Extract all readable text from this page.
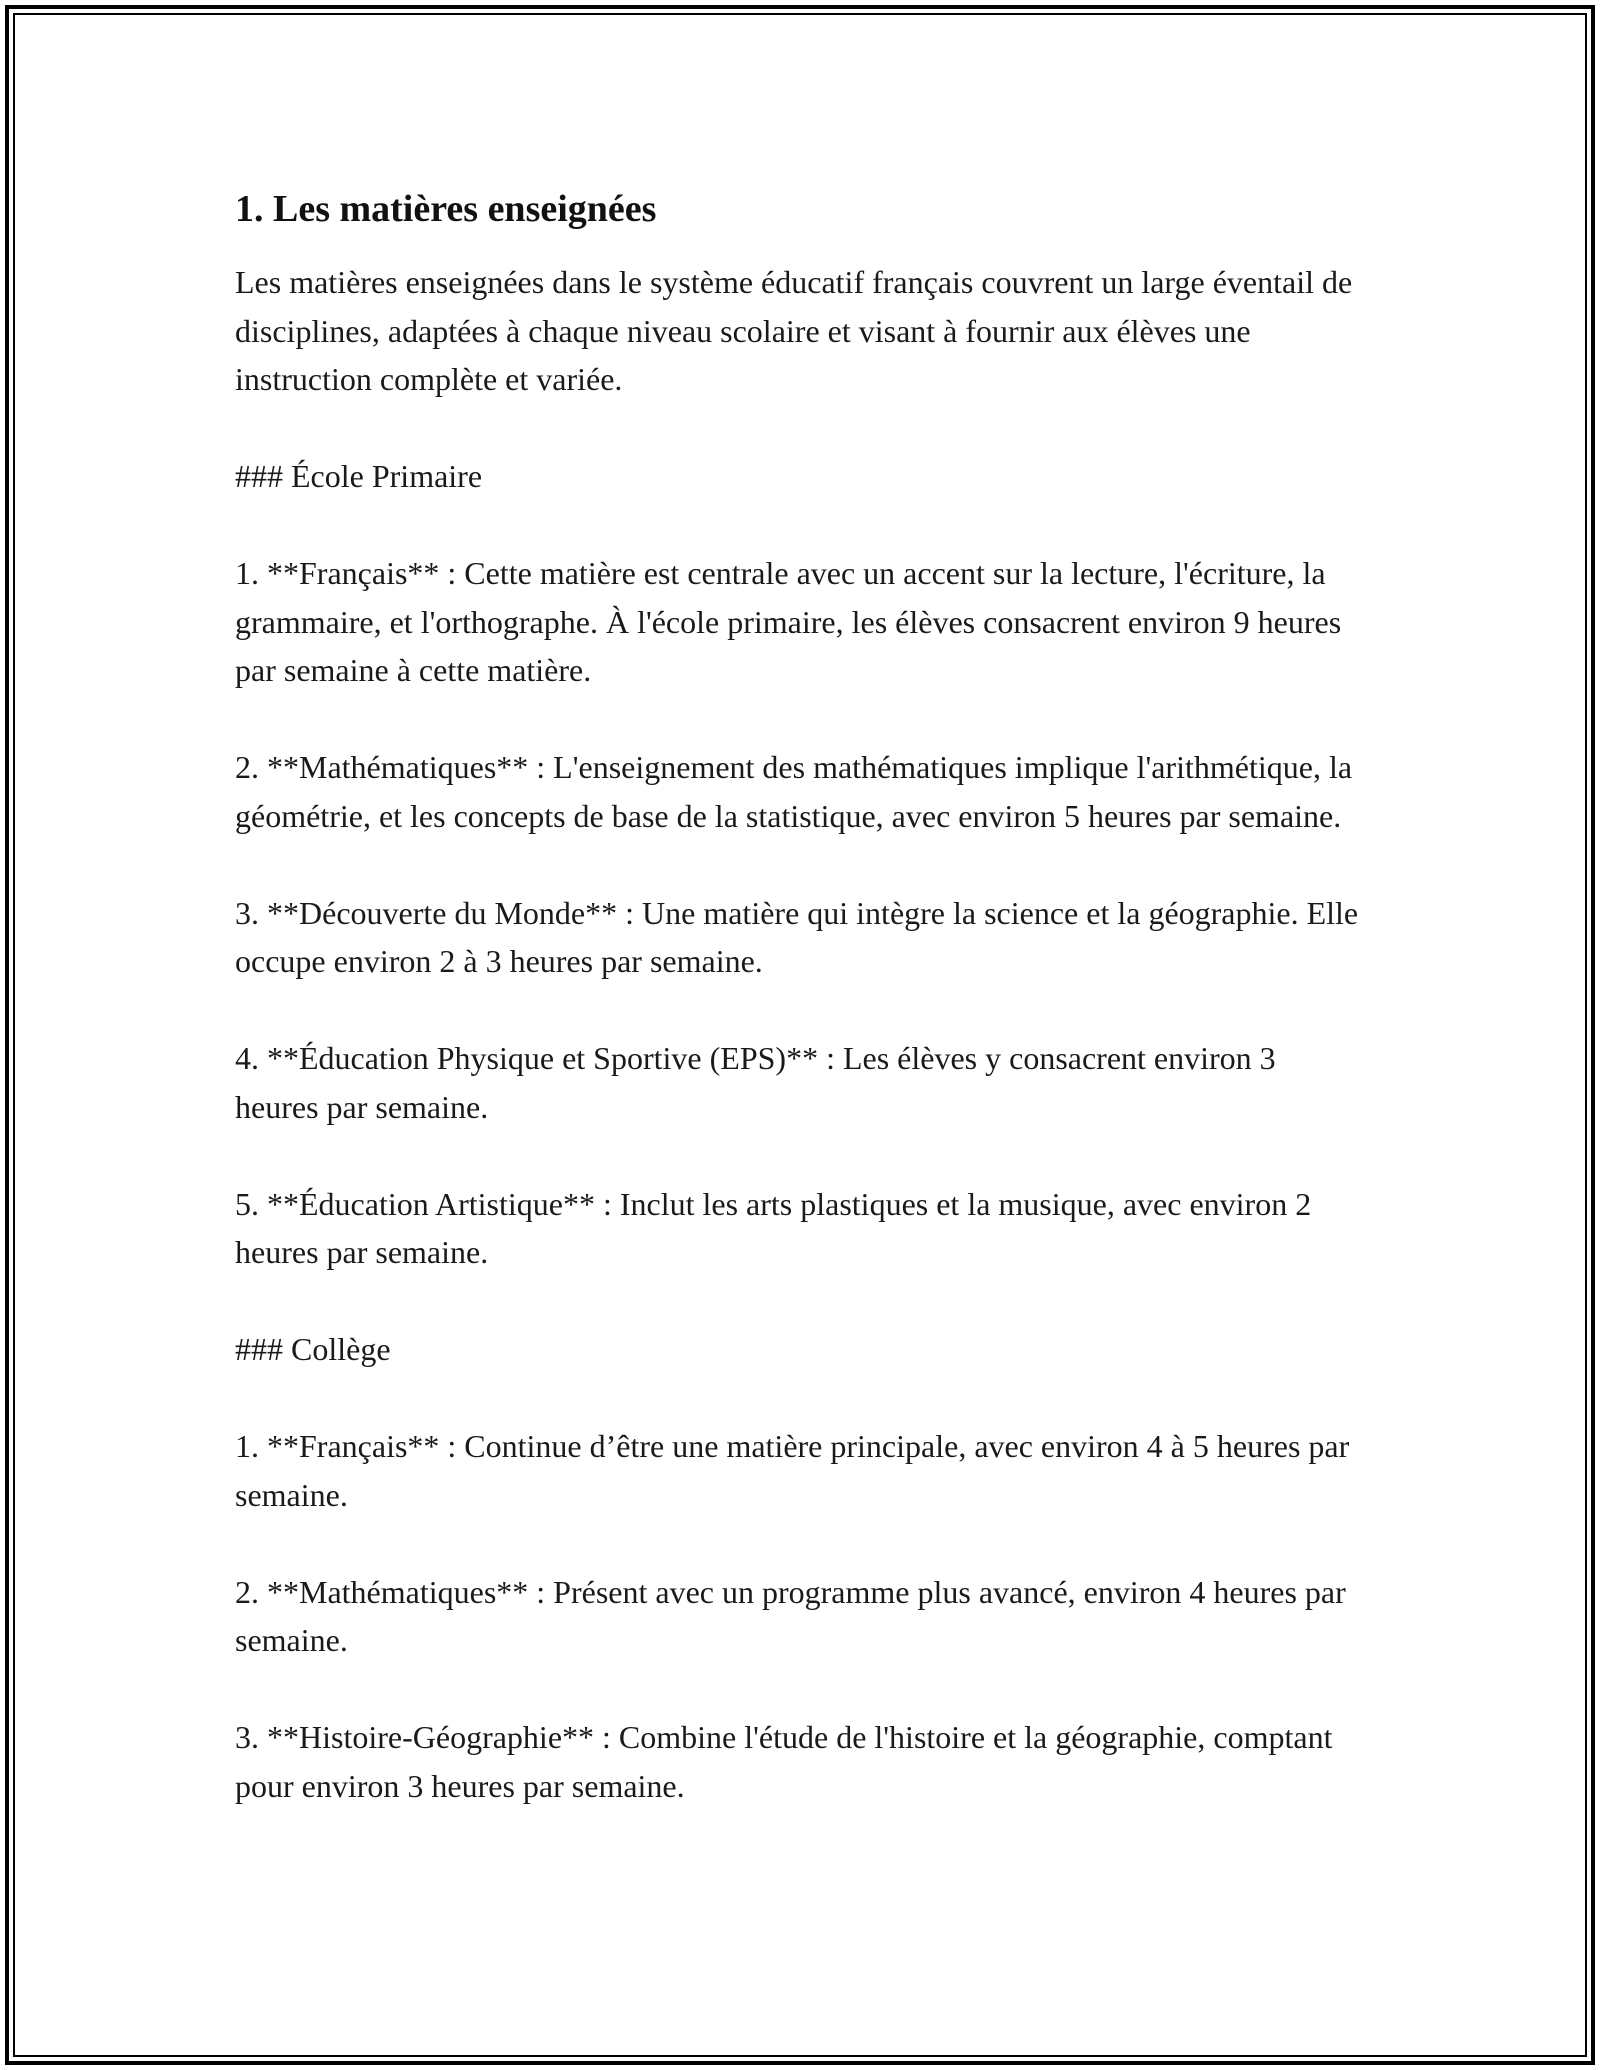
1. Les matières enseignées

Les matières enseignées dans le système éducatif français couvrent un large éventail de disciplines, adaptées à chaque niveau scolaire et visant à fournir aux élèves une instruction complète et variée.

### École Primaire

1. **Français** : Cette matière est centrale avec un accent sur la lecture, l'écriture, la grammaire, et l'orthographe. À l'école primaire, les élèves consacrent environ 9 heures par semaine à cette matière.

2. **Mathématiques** : L'enseignement des mathématiques implique l'arithmétique, la géométrie, et les concepts de base de la statistique, avec environ 5 heures par semaine.

3. **Découverte du Monde** : Une matière qui intègre la science et la géographie. Elle occupe environ 2 à 3 heures par semaine.

4. **Éducation Physique et Sportive (EPS)** : Les élèves y consacrent environ 3 heures par semaine.

5. **Éducation Artistique** : Inclut les arts plastiques et la musique, avec environ 2 heures par semaine.

### Collège

1. **Français** : Continue d’être une matière principale, avec environ 4 à 5 heures par semaine.

2. **Mathématiques** : Présent avec un programme plus avancé, environ 4 heures par semaine.

3. **Histoire-Géographie** : Combine l'étude de l'histoire et la géographie, comptant pour environ 3 heures par semaine.
